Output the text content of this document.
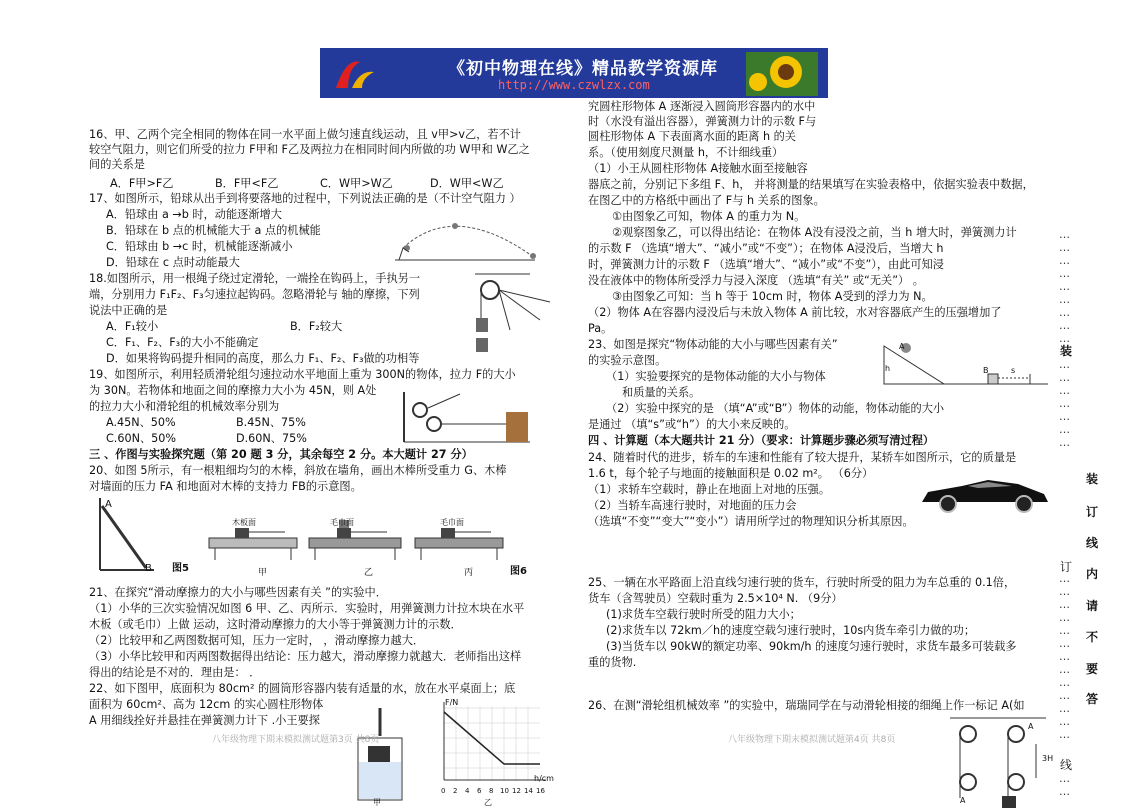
《初中物理在线》精品教学资源库
http://www.czwlzx.com
16、甲、乙两个完全相同的物体在同一水平面上做匀速直线运动，且 v甲>v乙，若不计
较空气阻力，则它们所受的拉力 F甲和 F乙及两拉力在相同时间内所做的功 W甲和 W乙之
间的关系是
A．F甲>F乙	B．F甲<F乙	C．W甲>W乙	D．W甲<W乙
17、如图所示，铅球从出手到将要落地的过程中，下列说法正确的是（不计空气阻力 ）
A．铅球由 a →b 时，动能逐渐增大
B．铅球在 b 点的机械能大于 a 点的机械能
C．铅球由 b →c 时，机械能逐渐减小
D．铅球在 c 点时动能最大
18.如图所示，用一根绳子绕过定滑轮，一端拴在钩码上，手执另一
端，分别用力 F₁F₂、F₃匀速拉起钩码。忽略滑轮与 轴的摩擦，下列
说法中正确的是
A．F₁较小	B．F₂较大
C．F₁、F₂、F₃的大小不能确定
D．如果将钩码提升相同的高度，那么力 F₁、F₂、F₃做的功相等
19、如图所示，利用轻质滑轮组匀速拉动水平地面上重为 300N的物体，拉力 F的大小
为 30N。若物体和地面之间的摩擦力大小为 45N，则 A处
的拉力大小和滑轮组的机械效率分别为
A.45N、50%	B.45N、75%
C.60N、50%	D.60N、75%
三 、作图与实验探究题（第 20 题 3 分，其余每空 2 分。本大题计 27 分）
20、如图 5所示，有一根粗细均匀的木棒，斜放在墙角，画出木棒所受重力 G、木棒
对墙面的压力 FA 和地面对木棒的支持力 FB的示意图。
A
B 图5
木板面	毛巾面	毛巾面
甲	乙	丙	图6
21、在探究“滑动摩擦力的大小与哪些因素有关 ”的实验中．
（1）小华的三次实验情况如图 6 甲、乙、丙所示．实验时，用弹簧测力计拉木块在水平
木板（或毛巾）上做 运动，这时滑动摩擦力的大小等于弹簧测力计的示数．
（2）比较甲和乙两图数据可知，压力一定时， ，滑动摩擦力越大．
（3）小华比较甲和丙两图数据得出结论：压力越大，滑动摩擦力就越大．老师指出这样
得出的结论是不对的．理由是： ．
22、如下图甲，底面积为 80cm² 的圆筒形容器内装有适量的水，放在水平桌面上；底
面积为 60cm²、高为 12cm 的实心圆柱形物体
A 用细线拴好并悬挂在弹簧测力计下 .小王要探
甲
F/N
h/cm
0 2 4 6 8 10 12 14 16
乙
八年级物理下期末模拟测试题第3页 共8页
究圆柱形物体 A 逐渐浸入圆筒形容器内的水中
时（水没有溢出容器），弹簧测力计的示数 F与
圆柱形物体 A 下表面离水面的距离 h 的关
系。（使用刻度尺测量 h，不计细线重）
（1）小王从圆柱形物体 A接触水面至接触容
器底之前，分别记下多组 F、h， 并将测量的结果填写在实验表格中，依据实验表中数据，
在图乙中的方格纸中画出了 F与 h 关系的图象。
①由图象乙可知，物体 A 的重力为 N。
②观察图象乙，可以得出结论：在物体 A没有浸没之前，当 h 增大时，弹簧测力计
的示数 F （选填“增大”、“减小”或“不变”）；在物体 A浸没后，当增大 h
时，弹簧测力计的示数 F （选填“增大”、“减小”或“不变”），由此可知浸
没在液体中的物体所受浮力与浸入深度 （选填“有关” 或“无关”） 。
③由图象乙可知：当 h 等于 10cm 时，物体 A受到的浮力为 N。
（2）物体 A在容器内浸没后与未放入物体 A 前比较，水对容器底产生的压强增加了
Pa。
23、如图是探究“物体动能的大小与哪些因素有关”
的实验示意图。
（1）实验要探究的是物体动能的大小与物体
和质量的关系。
（2）实验中探究的是 （填“A”或“B”）物体的动能，物体动能的大小
是通过 （填“s”或“h”）的大小来反映的。
A
h	B	s
四 、计算题（本大题共计 21 分）（要求：计算题步骤必须写清过程）
24、随着时代的进步，轿车的车速和性能有了较大提升，某轿车如图所示，它的质量是
1.6 t，每个轮子与地面的接触面积是 0.02 m²。 （6分）
（1）求轿车空载时，静止在地面上对地的压强。
（2）当轿车高速行驶时，对地面的压力会
（选填“不变”“变大”“变小”）请用所学过的物理知识分析其原因。
25、一辆在水平路面上沿直线匀速行驶的货车，行驶时所受的阻力为车总重的 0.1倍，
货车（含驾驶员）空载时重为 2.5×10⁴ N. （9分）
(1)求货车空载行驶时所受的阻力大小；
(2)求货车以 72km／h的速度空载匀速行驶时，10s内货车牵引力做的功；
(3)当货车以 90kW的额定功率、90km/h 的速度匀速行驶时，求货车最多可装载多
重的货物.
26、在测“滑轮组机械效率 ”的实验中，瑞瑞同学在与动滑轮相接的细绳上作一标记 A(如
A
3H
A
八年级物理下期末模拟测试题第4页 共8页
…
…
…
…
…
…
…
…
…
装
…
…
…
…
…
…
…
装
订
线
内
请
不
要
答
订
…
…
…
…
…
…
…
…
…
…
…
…
…
线
…
…
